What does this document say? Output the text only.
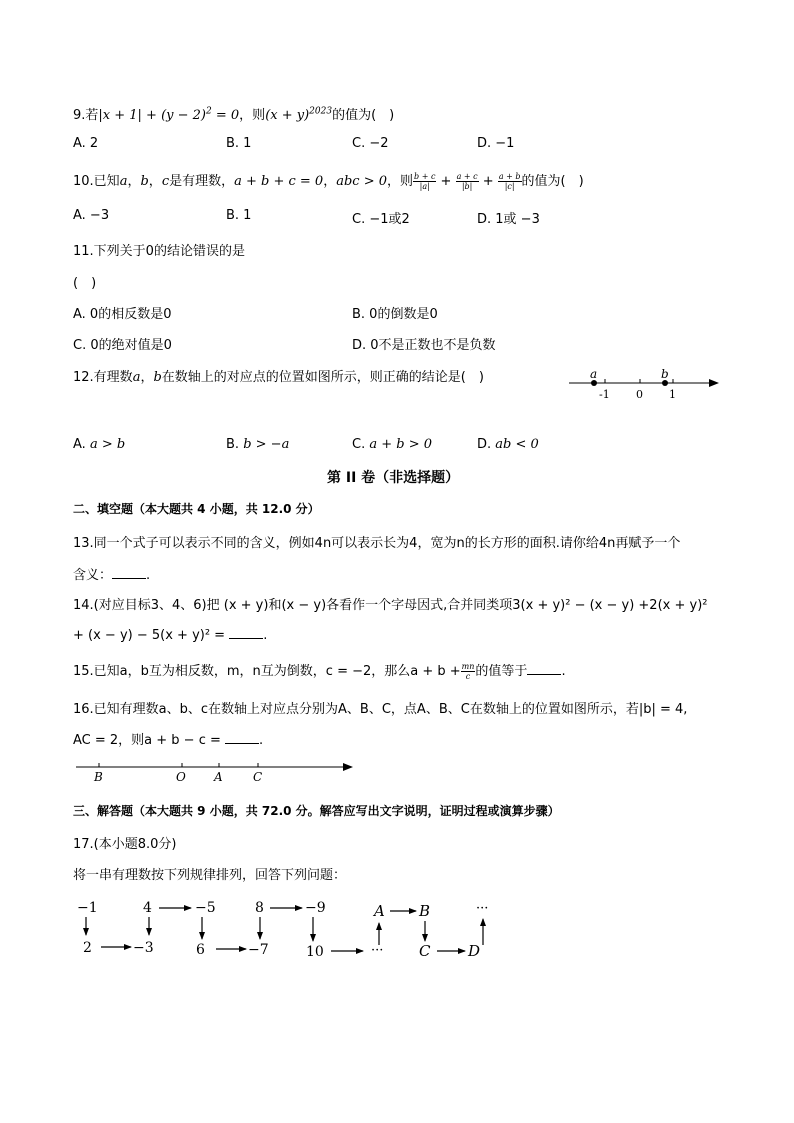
9.若$|x + 1| + (y - 2)^2 = 0$，则$(x + y)^{2023}$的值为(　)
A. 2	B. 1	C. −2	D. −1
10.已知a，b，c是有理数，a + b + c = 0，abc > 0，则 $\frac{b + c}{|a|} + \frac{a + c}{|b|} + \frac{a + b}{|c|}$ 的值为(　)
A. −3	B. 1	C. −1或2	D. 1或 −3
11.下列关于0的结论错误的是
(　)
A. 0的相反数是0	B. 0的倒数是0
C. 0的绝对值是0	D. 0不是正数也不是负数
12.有理数a，b在数轴上的对应点的位置如图所示，则正确的结论是(　)	a	b
-1 0 1
A. a > b	B. b > −a	C. a + b > 0	D. ab < 0
第 II 卷（非选择题）
二、填空题（本大题共 4 小题，共 12.0 分）
13.同一个式子可以表示不同的含义，例如4n可以表示长为4，宽为n的长方形的面积.请你给4n再赋予一个
含义：	.
14.(对应目标3、4、6)把 (x + y)和(x − y)各看作一个字母因式,合并同类项3(x + y)² − (x − y) +2(x + y)²
+ (x − y) − 5(x + y)² =	.
15.已知a，b互为相反数，m，n互为倒数，c = −2，那么$a + b + \frac{mn}{c}$ 的值等于	.
16.已知有理数a、b、c在数轴上对应点分别为A、B、C，点A、B、C在数轴上的位置如图所示，若|b| = 4,
AC = 2，则a + b − c =	.
B	O A	C
三、解答题（本大题共 9 小题，共 72.0 分。解答应写出文字说明，证明过程或演算步骤）
17.(本小题8.0分)
将一串有理数按下列规律排列，回答下列问题：
−1	4	−5	8	−9	A B	···
2	−3	6	−7	10	··· C	D
